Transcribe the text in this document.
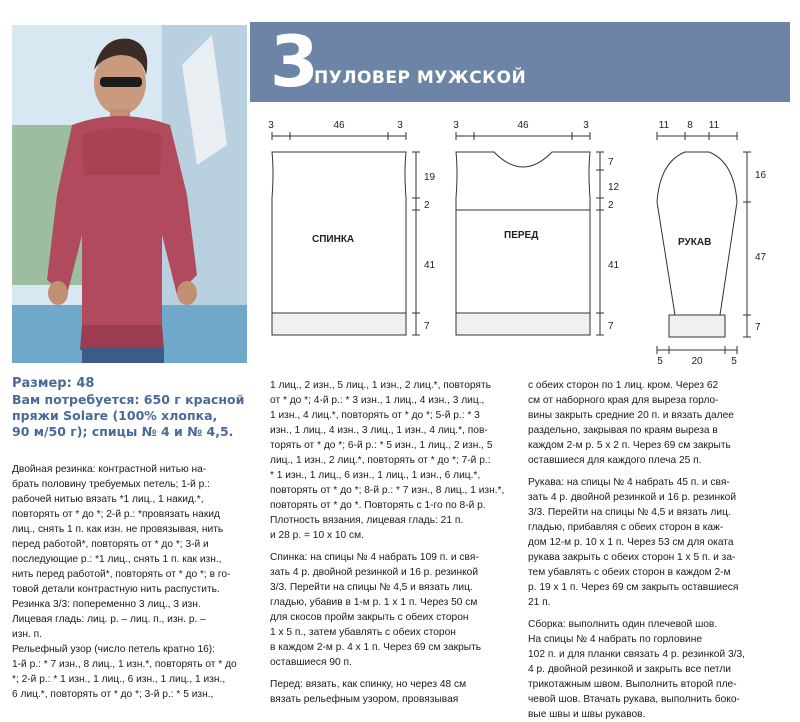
3
ПУЛОВЕР МУЖСКОЙ
СПИНКА	ПЕРЕД
РУКАВ
3	46	3
19
2
41
7
3	46	3
7
12
2
41
7
11 8 11
16
47
7
5	20	5
Размер: 48
Вам потребуется: 650 г красной
пряжи Solare (100% хлопка,
90 м/50 г); спицы № 4 и № 4,5.

Двойная резинка: контрастной нитью на-

брать половину требуемых петель; 1-й р.:

рабочей нитью вязать *1 лиц., 1 накид.*,

повторять от * до *; 2-й р.: *провязать накид

лиц., снять 1 п. как изн. не провязывая, нить

перед работой*, повторять от * до *; 3-й и

последующие р.: *1 лиц., снять 1 п. как изн.,

нить перед работой*, повторять от * до *; в го-

товой детали контрастную нить распустить.

Резинка 3/3: попеременно 3 лиц., 3 изн.

Лицевая гладь: лиц. р. – лиц. п., изн. р. –

изн. п.

Рельефный узор (число петель кратно 16):

1-й р.: * 7 изн., 8 лиц., 1 изн.*, повторять от * до

*; 2-й р.: * 1 изн., 1 лиц., 6 изн., 1 лиц., 1 изн.,

6 лиц.*, повторять от * до *; 3-й р.: * 5 изн.,

1 лиц., 2 изн., 5 лиц., 1 изн., 2 лиц.*, повторять

от * до *; 4-й р.: * 3 изн., 1 лиц., 4 изн., 3 лиц.,

1 изн., 4 лиц.*, повторять от * до *; 5-й р.: * 3

изн., 1 лиц., 4 изн., 3 лиц., 1 изн., 4 лиц.*, пов-

торять от * до *; 6-й р.: * 5 изн., 1 лиц., 2 изн., 5

лиц., 1 изн., 2 лиц.*, повторять от * до *; 7-й р.:

* 1 изн., 1 лиц., 6 изн., 1 лиц., 1 изн., 6 лиц.*,

повторять от * до *; 8-й р.: * 7 изн., 8 лиц., 1 изн.*,

повторять от * до *. Повторять с 1-го по 8-й р.

Плотность вязания, лицевая гладь: 21 п.

и 28 р. = 10 х 10 см.

Спинка: на спицы № 4 набрать 109 п. и свя-

зать 4 р. двойной резинкой и 16 р. резинкой

3/3. Перейти на спицы № 4,5 и вязать лиц.

гладью, убавив в 1-м р. 1 х 1 п. Через 50 см

для скосов пройм закрыть с обеих сторон

1 х 5 п., затем убавлять с обеих сторон

в каждом 2-м р. 4 х 1 п. Через 69 см закрыть

оставшиеся 90 п.

Перед: вязать, как спинку, но через 48 см

вязать рельефным узором, провязывая

с обеих сторон по 1 лиц. кром. Через 62

см от наборного края для выреза горло-

вины закрыть средние 20 п. и вязать далее

раздельно, закрывая по краям выреза в

каждом 2-м р. 5 х 2 п. Через 69 см закрыть

оставшиеся для каждого плеча 25 п.

Рукава: на спицы № 4 набрать 45 п. и свя-

зать 4 р. двойной резинкой и 16 р. резинкой

3/3. Перейти на спицы № 4,5 и вязать лиц.

гладью, прибавляя с обеих сторон в каж-

дом 12-м р. 10 х 1 п. Через 53 см для оката

рукава закрыть с обеих сторон 1 х 5 п. и за-

тем убавлять с обеих сторон в каждом 2-м

р. 19 х 1 п. Через 69 см закрыть оставшиеся

21 п.

Сборка: выполнить один плечевой шов.

На спицы № 4 набрать по горловине

102 п. и для планки связать 4 р. резинкой 3/3,

4 р. двойной резинкой и закрыть все петли

трикотажным швом. Выполнить второй пле-

чевой шов. Втачать рукава, выполнить боко-

вые швы и швы рукавов.
